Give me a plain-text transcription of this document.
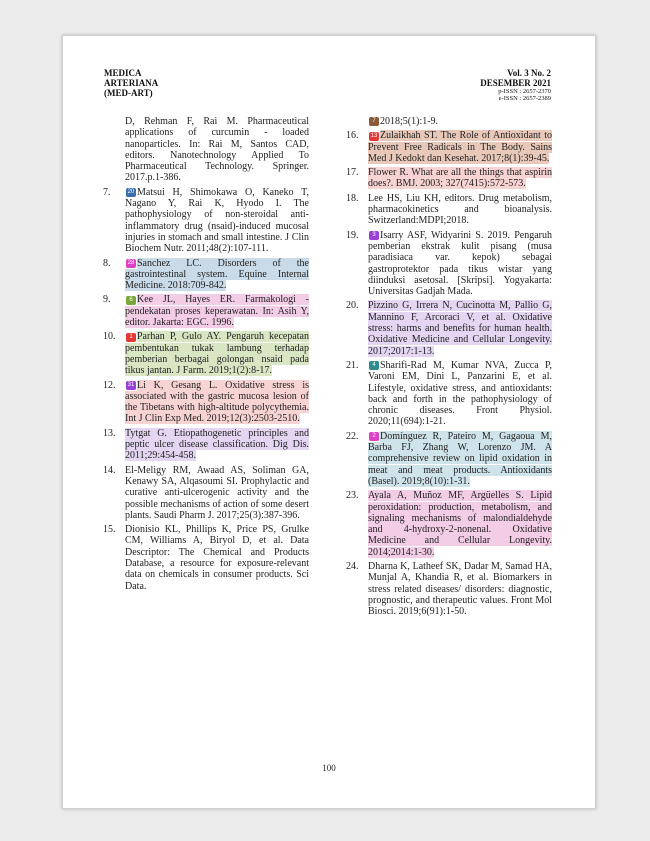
MEDICA
ARTERIANA
(MED-ART)
Vol. 3 No. 2
DESEMBER 2021
p-ISSN : 2657-2370
e-ISSN : 2657-2389
D, Rehman F, Rai M. Pharmaceutical applications of curcumin - loaded nanoparticles. In: Rai M, Santos CAD, editors. Nanotechnology Applied To Pharmaceutical Technology. Springer. 2017.p.1-386.
7.	20 Matsui H, Shimokawa O, Kaneko T, Nagano Y, Rai K, Hyodo I. The pathophysiology of non-steroidal anti-inflammatory drug (nsaid)-induced mucosal injuries in stomach and small intestine. J Clin Biochem Nutr. 2011;48(2):107-111.
8.	28 Sanchez LC. Disorders of the gastrointestinal system. Equine Internal Medicine. 2018:709-842.
9.	6 Kee JL, Hayes ER. Farmakologi - pendekatan proses keperawatan. In: Asih Y, editor. Jakarta: EGC. 1996.
10.	1 Parhan P, Gulo AY. Pengaruh kecepatan pembentukan tukak lambung terhadap pemberian berbagai golongan nsaid pada tikus jantan. J Farm. 2019;1(2):8-17.
12.	31 Li K, Gesang L. Oxidative stress is associated with the gastric mucosa lesion of the Tibetans with high-altitude polycythemia. Int J Clin Exp Med. 2019;12(3):2503-2510.
13. Tytgat G. Etiopathogenetic principles and peptic ulcer disease classification. Dig Dis. 2011;29:454-458.
14. El-Meligy RM, Awaad AS, Soliman GA, Kenawy SA, Alqasoumi SI. Prophylactic and curative anti-ulcerogenic activity and the possible mechanisms of action of some desert plants. Saudi Pharm J. 2017;25(3):387-396.
15. Dionisio KL, Phillips K, Price PS, Grulke CM, Williams A, Biryol D, et al. Data Descriptor: The Chemical and Products Database, a resource for exposure-relevant data on chemicals in consumer products. Sci Data.
7 2018;5(1):1-9.
16.	13 Zulaikhah ST. The Role of Antioxidant to Prevent Free Radicals in The Body. Sains Med J Kedokt dan Kesehat. 2017;8(1):39-45.
17. Flower R. What are all the things that aspirin does?. BMJ. 2003; 327(7415):572-573.
18. Lee HS, Liu KH, editors. Drug metabolism, pharmacokinetics and bioanalysis. Switzerland:MDPI;2018.
19.	3 Isarry ASF, Widyarini S. 2019. Pengaruh pemberian ekstrak kulit pisang (musa paradisiaca var. kepok) sebagai gastroprotektor pada tikus wistar yang diinduksi asetosal. [Skripsi]. Yogyakarta: Universitas Gadjah Mada.
20. Pizzino G, Irrera N, Cucinotta M, Pallio G, Mannino F, Arcoraci V, et al. Oxidative stress: harms and benefits for human health. Oxidative Medicine and Cellular Longevity. 2017;2017:1-13.
21.	4 Sharifi-Rad M, Kumar NVA, Zucca P, Varoni EM, Dini L, Panzarini E, et al. Lifestyle, oxidative stress, and antioxidants: back and forth in the pathophysiology of chronic diseases. Front Physiol. 2020;11(694):1-21.
22.	2 Domínguez R, Pateiro M, Gagaoua M, Barba FJ, Zhang W, Lorenzo JM. A comprehensive review on lipid oxidation in meat and meat products. Antioxidants (Basel). 2019;8(10):1-31.
23. Ayala A, Muñoz MF, Argüelles S. Lipid peroxidation: production, metabolism, and signaling mechanisms of malondialdehyde and 4-hydroxy-2-nonenal. Oxidative Medicine and Cellular Longevity. 2014;2014:1-30.
24. Dharna K, Latheef SK, Dadar M, Samad HA, Munjal A, Khandia R, et al. Biomarkers in stress related diseases/ disorders: diagnostic, prognostic, and therapeutic values. Front Mol Biosci. 2019;6(91):1-50.
100
